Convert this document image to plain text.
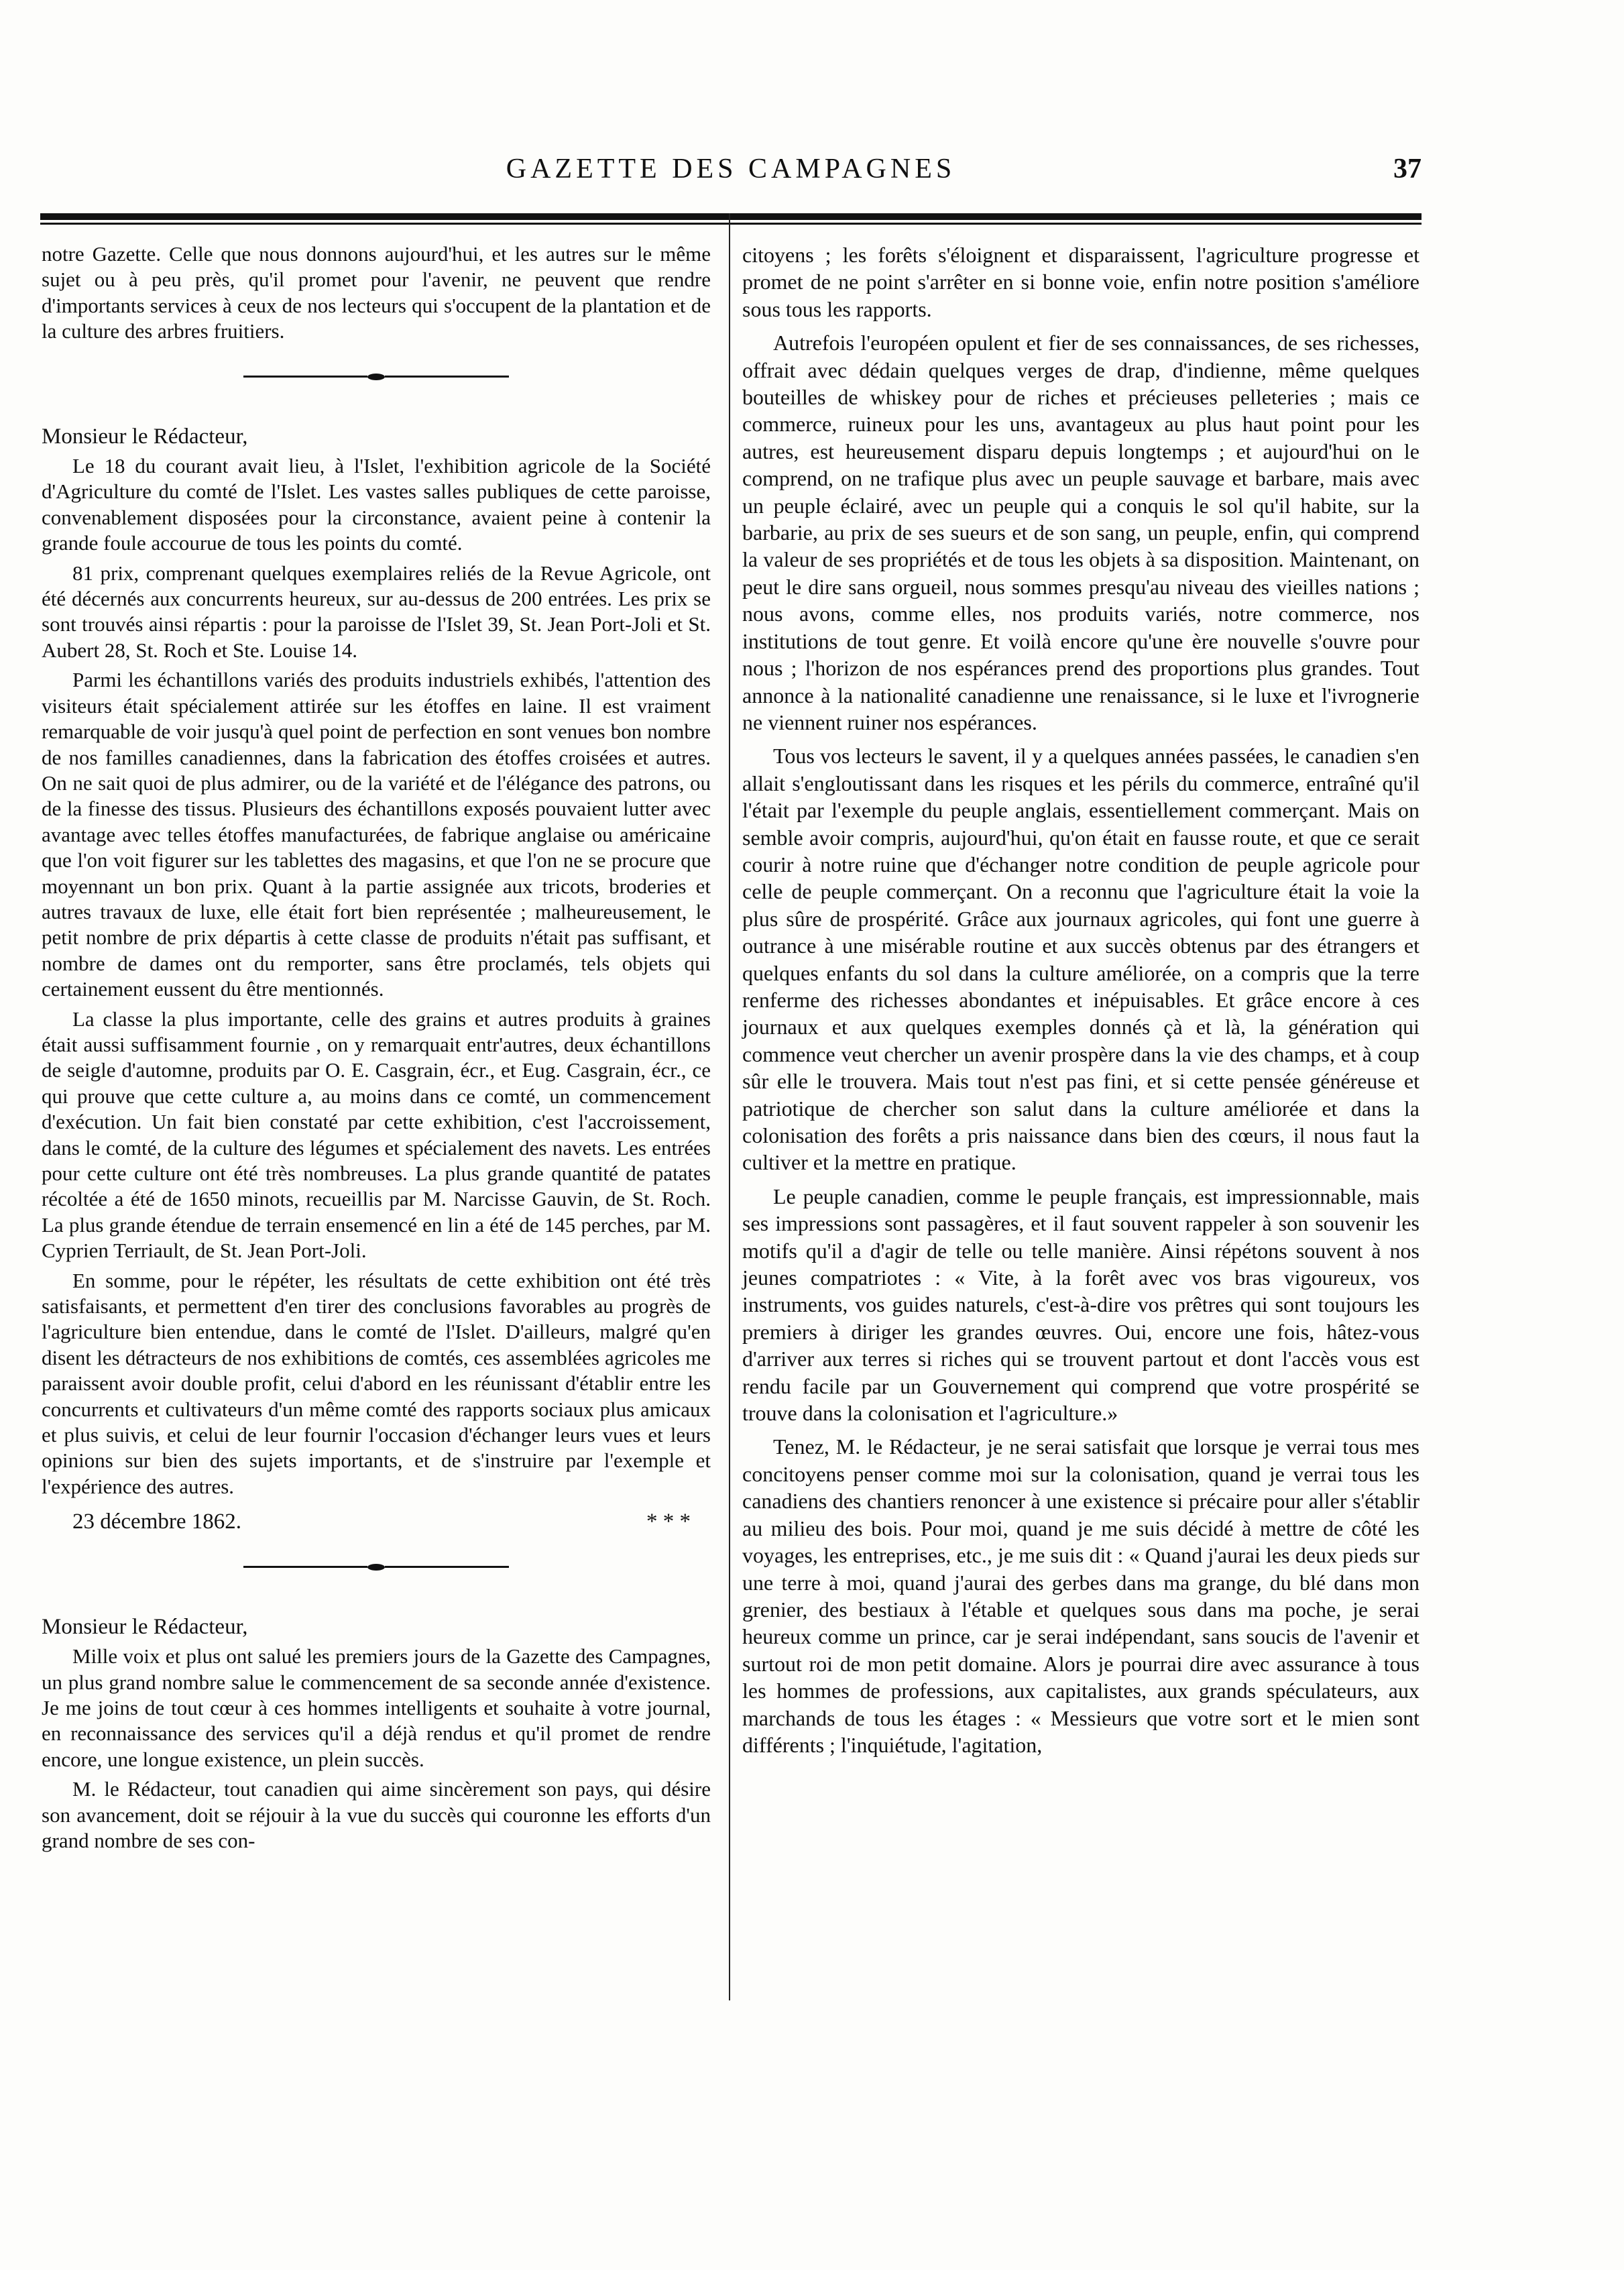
GAZETTE DES CAMPAGNES	37

notre Gazette. Celle que nous donnons aujourd'hui, et les autres sur le même sujet ou à peu près, qu'il promet pour l'avenir, ne peuvent que rendre d'importants services à ceux de nos lecteurs qui s'occupent de la plantation et de la culture des arbres fruitiers.

Monsieur le Rédacteur,

Le 18 du courant avait lieu, à l'Islet, l'exhibition agricole de la Société d'Agriculture du comté de l'Islet. Les vastes salles publiques de cette paroisse, convenablement disposées pour la circonstance, avaient peine à contenir la grande foule accourue de tous les points du comté.

81 prix, comprenant quelques exemplaires reliés de la Revue Agricole, ont été décernés aux concurrents heureux, sur au-dessus de 200 entrées. Les prix se sont trouvés ainsi répartis : pour la paroisse de l'Islet 39, St. Jean Port-Joli et St. Aubert 28, St. Roch et Ste. Louise 14.

Parmi les échantillons variés des produits industriels exhibés, l'attention des visiteurs était spécialement attirée sur les étoffes en laine. Il est vraiment remarquable de voir jusqu'à quel point de perfection en sont venues bon nombre de nos familles canadiennes, dans la fabrication des étoffes croisées et autres. On ne sait quoi de plus admirer, ou de la variété et de l'élégance des patrons, ou de la finesse des tissus. Plusieurs des échantillons exposés pouvaient lutter avec avantage avec telles étoffes manufacturées, de fabrique anglaise ou américaine que l'on voit figurer sur les tablettes des magasins, et que l'on ne se procure que moyennant un bon prix. Quant à la partie assignée aux tricots, broderies et autres travaux de luxe, elle était fort bien représentée ; malheureusement, le petit nombre de prix départis à cette classe de produits n'était pas suffisant, et nombre de dames ont du remporter, sans être proclamés, tels objets qui certainement eussent du être mentionnés.

La classe la plus importante, celle des grains et autres produits à graines était aussi suffisamment fournie , on y remarquait entr'autres, deux échantillons de seigle d'automne, produits par O. E. Casgrain, écr., et Eug. Casgrain, écr., ce qui prouve que cette culture a, au moins dans ce comté, un commencement d'exécution. Un fait bien constaté par cette exhibition, c'est l'accroissement, dans le comté, de la culture des légumes et spécialement des navets. Les entrées pour cette culture ont été très nombreuses. La plus grande quantité de patates récoltée a été de 1650 minots, recueillis par M. Narcisse Gauvin, de St. Roch. La plus grande étendue de terrain ensemencé en lin a été de 145 perches, par M. Cyprien Terriault, de St. Jean Port-Joli.

En somme, pour le répéter, les résultats de cette exhibition ont été très satisfaisants, et permettent d'en tirer des conclusions favorables au progrès de l'agriculture bien entendue, dans le comté de l'Islet. D'ailleurs, malgré qu'en disent les détracteurs de nos exhibitions de comtés, ces assemblées agricoles me paraissent avoir double profit, celui d'abord en les réunissant d'établir entre les concurrents et cultivateurs d'un même comté des rapports sociaux plus amicaux et plus suivis, et celui de leur fournir l'occasion d'échanger leurs vues et leurs opinions sur bien des sujets importants, et de s'instruire par l'exemple et l'expérience des autres.

23 décembre 1862.	* * *

Monsieur le Rédacteur,

Mille voix et plus ont salué les premiers jours de la Gazette des Campagnes, un plus grand nombre salue le commencement de sa seconde année d'existence. Je me joins de tout cœur à ces hommes intelligents et souhaite à votre journal, en reconnaissance des services qu'il a déjà rendus et qu'il promet de rendre encore, une longue existence, un plein succès.

M. le Rédacteur, tout canadien qui aime sincèrement son pays, qui désire son avancement, doit se réjouir à la vue du succès qui couronne les efforts d'un grand nombre de ses con-

citoyens ; les forêts s'éloignent et disparaissent, l'agriculture progresse et promet de ne point s'arrêter en si bonne voie, enfin notre position s'améliore sous tous les rapports.

Autrefois l'européen opulent et fier de ses connaissances, de ses richesses, offrait avec dédain quelques verges de drap, d'indienne, même quelques bouteilles de whiskey pour de riches et précieuses pelleteries ; mais ce commerce, ruineux pour les uns, avantageux au plus haut point pour les autres, est heureusement disparu depuis longtemps ; et aujourd'hui on le comprend, on ne trafique plus avec un peuple sauvage et barbare, mais avec un peuple éclairé, avec un peuple qui a conquis le sol qu'il habite, sur la barbarie, au prix de ses sueurs et de son sang, un peuple, enfin, qui comprend la valeur de ses propriétés et de tous les objets à sa disposition. Maintenant, on peut le dire sans orgueil, nous sommes presqu'au niveau des vieilles nations ; nous avons, comme elles, nos produits variés, notre commerce, nos institutions de tout genre. Et voilà encore qu'une ère nouvelle s'ouvre pour nous ; l'horizon de nos espérances prend des proportions plus grandes. Tout annonce à la nationalité canadienne une renaissance, si le luxe et l'ivrognerie ne viennent ruiner nos espérances.

Tous vos lecteurs le savent, il y a quelques années passées, le canadien s'en allait s'engloutissant dans les risques et les périls du commerce, entraîné qu'il l'était par l'exemple du peuple anglais, essentiellement commerçant. Mais on semble avoir compris, aujourd'hui, qu'on était en fausse route, et que ce serait courir à notre ruine que d'échanger notre condition de peuple agricole pour celle de peuple commerçant. On a reconnu que l'agriculture était la voie la plus sûre de prospérité. Grâce aux journaux agricoles, qui font une guerre à outrance à une misérable routine et aux succès obtenus par des étrangers et quelques enfants du sol dans la culture améliorée, on a compris que la terre renferme des richesses abondantes et inépuisables. Et grâce encore à ces journaux et aux quelques exemples donnés çà et là, la génération qui commence veut chercher un avenir prospère dans la vie des champs, et à coup sûr elle le trouvera. Mais tout n'est pas fini, et si cette pensée généreuse et patriotique de chercher son salut dans la culture améliorée et dans la colonisation des forêts a pris naissance dans bien des cœurs, il nous faut la cultiver et la mettre en pratique.

Le peuple canadien, comme le peuple français, est impressionnable, mais ses impressions sont passagères, et il faut souvent rappeler à son souvenir les motifs qu'il a d'agir de telle ou telle manière. Ainsi répétons souvent à nos jeunes compatriotes : « Vite, à la forêt avec vos bras vigoureux, vos instruments, vos guides naturels, c'est-à-dire vos prêtres qui sont toujours les premiers à diriger les grandes œuvres. Oui, encore une fois, hâtez-vous d'arriver aux terres si riches qui se trouvent partout et dont l'accès vous est rendu facile par un Gouvernement qui comprend que votre prospérité se trouve dans la colonisation et l'agriculture.»

Tenez, M. le Rédacteur, je ne serai satisfait que lorsque je verrai tous mes concitoyens penser comme moi sur la colonisation, quand je verrai tous les canadiens des chantiers renoncer à une existence si précaire pour aller s'établir au milieu des bois. Pour moi, quand je me suis décidé à mettre de côté les voyages, les entreprises, etc., je me suis dit : « Quand j'aurai les deux pieds sur une terre à moi, quand j'aurai des gerbes dans ma grange, du blé dans mon grenier, des bestiaux à l'étable et quelques sous dans ma poche, je serai heureux comme un prince, car je serai indépendant, sans soucis de l'avenir et surtout roi de mon petit domaine. Alors je pourrai dire avec assurance à tous les hommes de professions, aux capitalistes, aux grands spéculateurs, aux marchands de tous les étages : « Messieurs que votre sort et le mien sont différents ; l'inquiétude, l'agitation,
